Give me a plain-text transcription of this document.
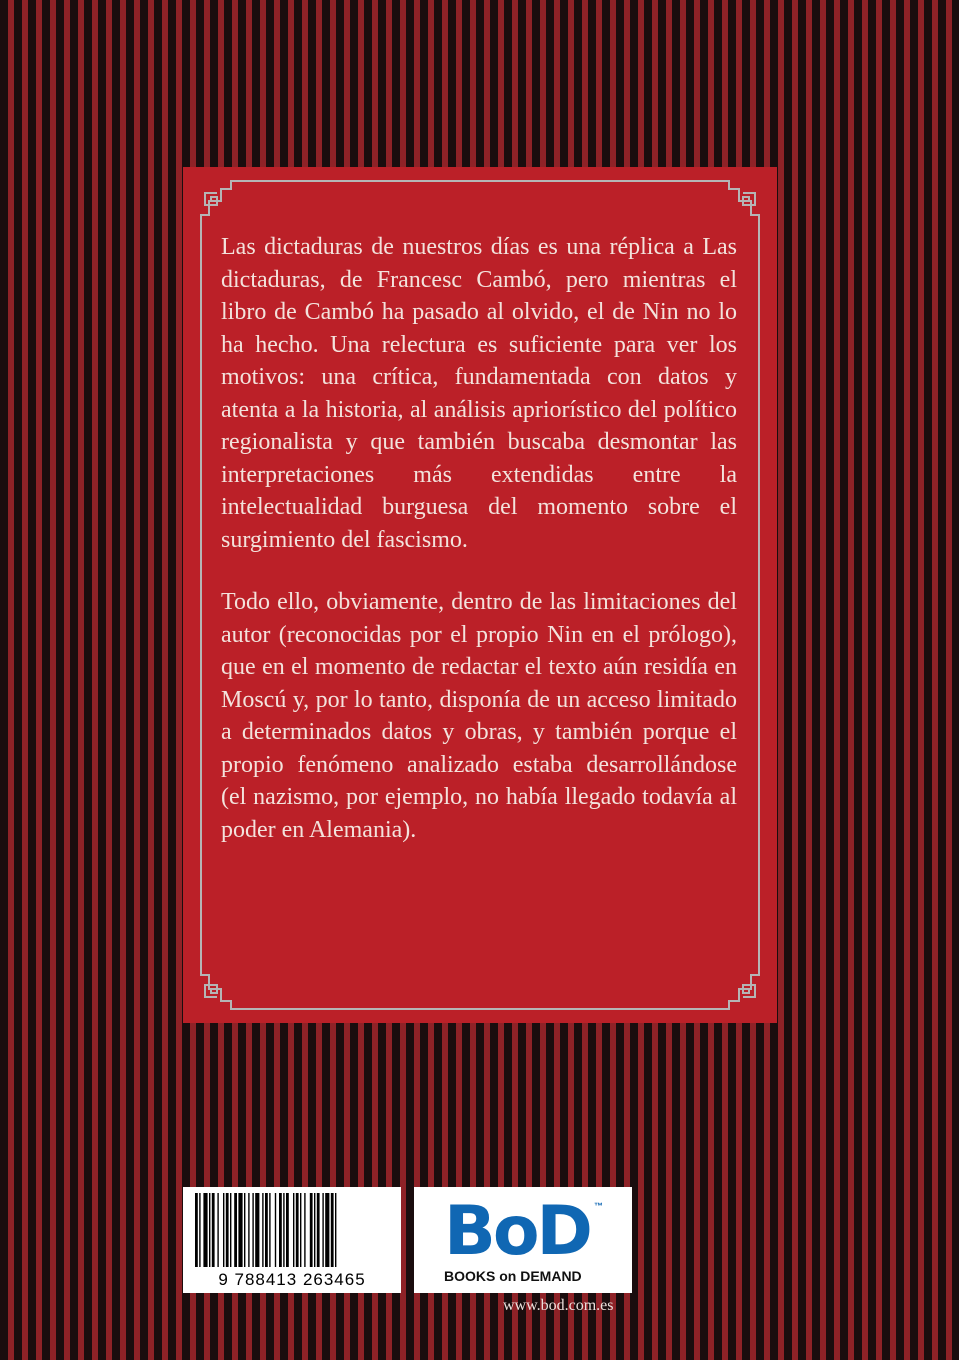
Las dictaduras de nuestros días es una réplica a Las dictaduras, de Francesc Cambó, pero mientras el libro de Cambó ha pasado al olvido, el de Nin no lo ha hecho. Una relectura es suficiente para ver los motivos: una crítica, fundamentada con datos y atenta a la historia, al análisis apriorístico del político regionalista y que también buscaba desmontar las interpretaciones más extendidas entre la intelectualidad burguesa del momento sobre el surgimiento del fascismo.

Todo ello, obviamente, dentro de las limitaciones del autor (reconocidas por el propio Nin en el prólogo), que en el momento de redactar el texto aún residía en Moscú y, por lo tanto, disponía de un acceso limitado a determinados datos y obras, y también porque el propio fenómeno analizado estaba desarrollándose (el nazismo, por ejemplo, no había llegado todavía al poder en Alemania).

9 788413 263465
BoD ™
BOOKS on DEMAND
www.bod.com.es
